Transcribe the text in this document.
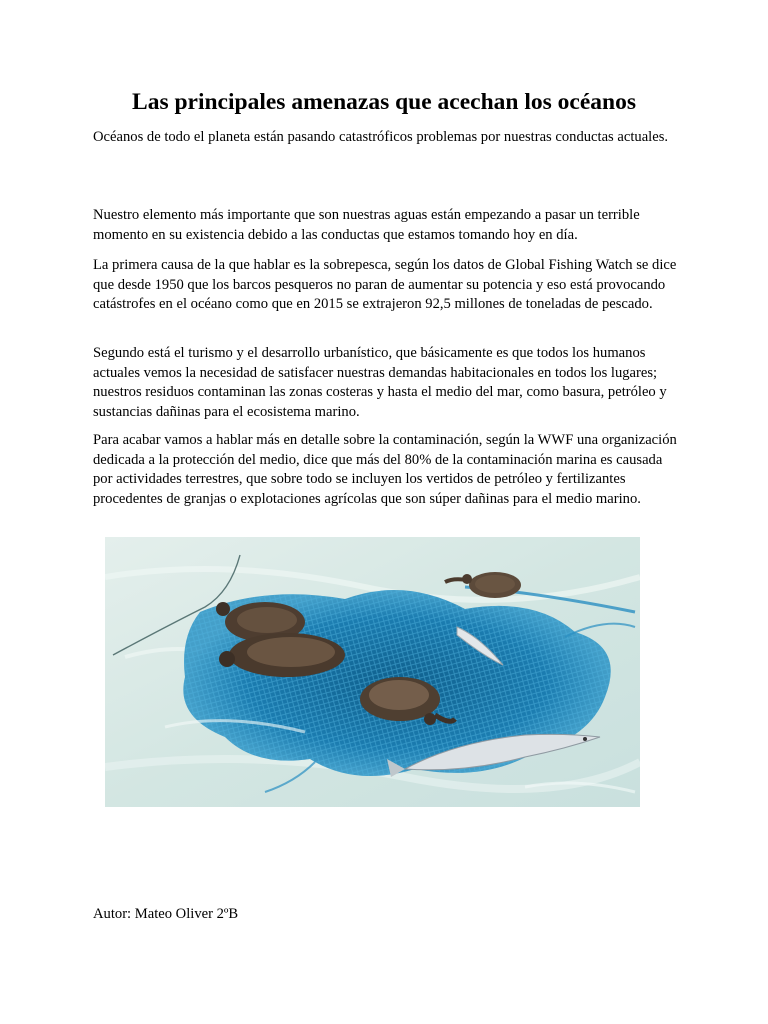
Las principales amenazas que acechan los océanos

Océanos de todo el planeta están pasando catastróficos problemas por nuestras conductas actuales.

Nuestro elemento más importante que son nuestras aguas están empezando a pasar un terrible momento en su existencia debido a las conductas que estamos tomando hoy en día.

La primera causa de la que hablar es la sobrepesca, según los datos de Global Fishing Watch se dice que desde 1950 que los barcos pesqueros no paran de aumentar su potencia y eso está provocando catástrofes en el océano como que en 2015 se extrajeron 92,5 millones de toneladas de pescado.

Segundo está el turismo y el desarrollo urbanístico, que básicamente es que todos los humanos actuales vemos la necesidad de satisfacer nuestras demandas habitacionales en todos los lugares; nuestros residuos contaminan las zonas costeras y hasta el medio del mar, como basura, petróleo y sustancias dañinas para el ecosistema marino.

Para acabar vamos a hablar más en detalle sobre la contaminación, según la WWF una organización dedicada a la protección del medio, dice que más del 80% de la contaminación marina es causada por actividades terrestres, que sobre todo se incluyen los vertidos de petróleo y fertilizantes procedentes de granjas o explotaciones agrícolas que son súper dañinas para el medio marino.

Autor: Mateo Oliver 2ºB
